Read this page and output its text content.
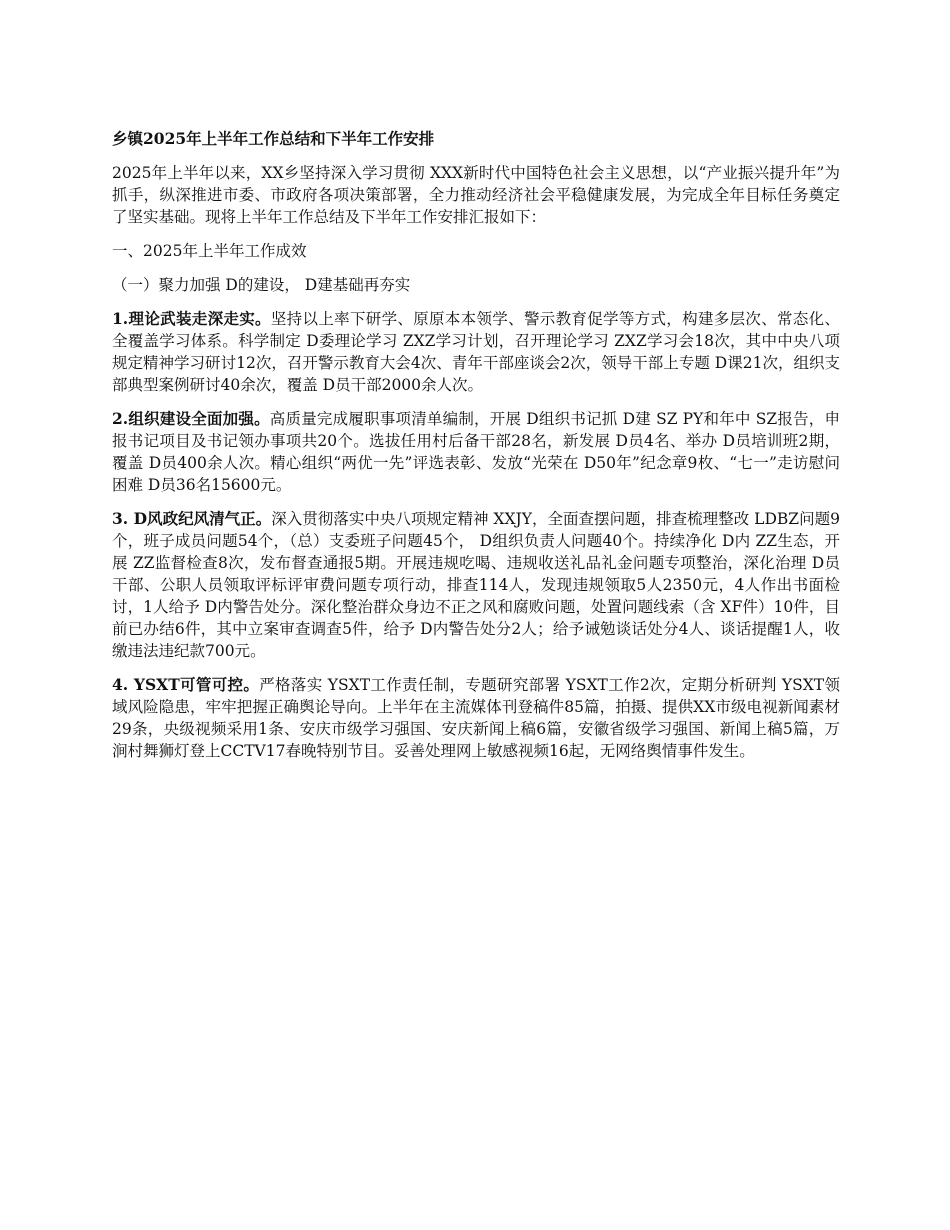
乡镇2025年上半年工作总结和下半年工作安排
2025年上半年以来，XX乡坚持深入学习贯彻 XXX新时代中国特色社会主义思想，以“产业振兴提升年”为抓手，纵深推进市委、市政府各项决策部署，全力推动经济社会平稳健康发展，为完成全年目标任务奠定了坚实基础。现将上半年工作总结及下半年工作安排汇报如下：
一、2025年上半年工作成效
（一）聚力加强 D的建设， D建基础再夯实
1.理论武装走深走实。坚持以上率下研学、原原本本领学、警示教育促学等方式，构建多层次、常态化、全覆盖学习体系。科学制定 D委理论学习 ZXZ学习计划，召开理论学习 ZXZ学习会18次，其中中央八项规定精神学习研讨12次，召开警示教育大会4次、青年干部座谈会2次，领导干部上专题 D课21次，组织支部典型案例研讨40余次，覆盖 D员干部2000余人次。
2.组织建设全面加强。高质量完成履职事项清单编制，开展 D组织书记抓 D建 SZ PY和年中 SZ报告，申报书记项目及书记领办事项共20个。选拔任用村后备干部28名，新发展 D员4名、举办 D员培训班2期，覆盖 D员400余人次。精心组织“两优一先”评选表彰、发放“光荣在 D50年”纪念章9枚、“七一”走访慰问困难 D员36名15600元。
3. D风政纪风清气正。深入贯彻落实中央八项规定精神 XXJY，全面查摆问题，排查梳理整改 LDBZ问题9个，班子成员问题54个，（总）支委班子问题45个， D组织负责人问题40个。持续净化 D内 ZZ生态，开展 ZZ监督检查8次，发布督查通报5期。开展违规吃喝、违规收送礼品礼金问题专项整治，深化治理 D员干部、公职人员领取评标评审费问题专项行动，排查114人，发现违规领取5人2350元，4人作出书面检讨，1人给予 D内警告处分。深化整治群众身边不正之风和腐败问题，处置问题线索（含 XF件）10件，目前已办结6件，其中立案审查调查5件，给予 D内警告处分2人；给予诫勉谈话处分4人、谈话提醒1人，收缴违法违纪款700元。
4. YSXT可管可控。严格落实 YSXT工作责任制，专题研究部署 YSXT工作2次，定期分析研判 YSXT领域风险隐患，牢牢把握正确舆论导向。上半年在主流媒体刊登稿件85篇，拍摄、提供XX市级电视新闻素材29条，央级视频采用1条、安庆市级学习强国、安庆新闻上稿6篇，安徽省级学习强国、新闻上稿5篇，万涧村舞狮灯登上CCTV17春晚特别节目。妥善处理网上敏感视频16起，无网络舆情事件发生。
